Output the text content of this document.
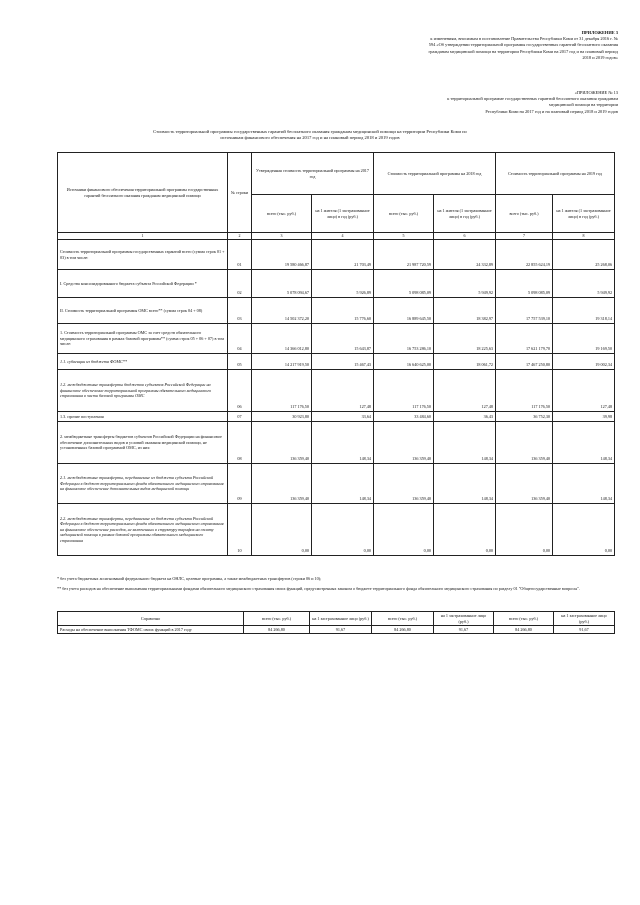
ПРИЛОЖЕНИЕ 3
к изменениям, вносимым в постановление Правительства Республики Коми от 31 декабря 2016 г. №
594 «Об утверждении территориальной программы государственных гарантий бесплатного оказания
гражданам медицинской помощи на территории Республики Коми на 2017 год и на плановый период
2018 и 2019 годов»
«ПРИЛОЖЕНИЕ № 13
к территориальной программе государственных гарантий бесплатного оказания гражданам
медицинской помощи на территории
Республики Коми на 2017 год и на плановый период 2018 и 2019 годов
Стоимость территориальной программы государственных гарантий бесплатного оказания гражданам медицинской помощи на территории Республики Коми по
источникам финансового обеспечения на 2017 год и на плановый период 2018 и 2019 годов
Источники финансового обеспечения территориальной программы государственных гарантий бесплатного оказания гражданам медицинской помощи	№ строки	Утвержденная стоимость территориальной программы на 2017 год		Стоимость территориальной программы на 2018 год		Стоимость территориальной программы на 2019 год	
		всего (тыс. руб.)	на 1 жителя (1 застрахованное лицо) в год (руб.)	всего (тыс. руб.)	на 1 жителя (1 застрахованное лицо) в год (руб.)	всего (тыс. руб.)	на 1 жителя (1 застрахованное лицо) в год (руб.)
1	2	3	4	5	6	7	8
Стоимость территориальной программы государственных гарантий всего (сумма строк 01 + 03) в том числе:	01	19 580 466,87	21 703,49	21 987 720,59	24 332,89	22 855 624,19	25 268,06
I. Средства консолидированного бюджета субъекта Российской Федерации *	02	5 078 094,67	5 926,89	5 098 085,09	5 949,92	5 098 085,09	5 949,92
II. Стоимость территориальной программы ОМС всего** (сумма строк 04 + 08)	03	14 502 372,20	15 776,60	16 889 645,50	18 382,97	17 757 539,10	19 318,14
1. Стоимость территориальной программы ОМС за счет средств обязательного медицинского страхования в рамках базовой программы** (сумма строк 05 + 06 + 07) в том числе:	04	14 366 012,80	15 643,87	16 753 286,10	18 225,63	17 621 179,70	19 169,50
1.1. субвенции из бюджета ФОМС**	05	14 217 919,50	15 467,43	16 640 625,00	18 061,72	17 467 250,80	19 002,34
1.2. межбюджетные трансферты бюджетов субъектов Российской Федерации на финансовое обеспечение территориальной программы обязательного медицинского страхования в части базовой программы ОМС	06	117 176,50	127,48	117 176,50	127,48	117 176,50	127,48
1.3. прочие поступления	07	30 923,80	33,64	33 484,60	36,43	36 752,30	39,98
2. межбюджетные трансферты бюджетов субъектов Российской Федерации на финансовое обеспечение дополнительных видов и условий оказания медицинской помощи, не установленных базовой программой ОМС, из них:	08	136 359,40	148,34	136 359,40	148,34	136 359,40	148,34
2.1. межбюджетные трансферты, передаваемые из бюджета субъекта Российской Федерации в бюджет территориального фонда обязательного медицинского страхования на финансовое обеспечение дополнительных видов медицинской помощи	09	136 359,40	148,34	136 359,40	148,34	136 359,40	148,34
2.2. межбюджетные трансферты, передаваемые из бюджета субъекта Российской Федерации в бюджет территориального фонда обязательного медицинского страхования на финансовое обеспечение расходов, не включенных в структуру тарифов на оплату медицинской помощи в рамках базовой программы обязательного медицинского страхования	10	0,00	0,00	0,00	0,00	0,00	0,00
* без учета бюджетных ассигнований федерального бюджета на ОНЛС, целевые программы, а также межбюджетных трансфертов (строки 06 и 10);
** без учета расходов на обеспечение выполнения территориальными фондами обязательного медицинского страхования своих функций, предусмотренных законом о бюджете территориального фонда обязательного медицинского страхования по разделу 01 "Общегосударственные вопросы".
Справочно	всего (тыс. руб.)	на 1 застрахованное лицо (руб.)	всего (тыс. руб.)	на 1 застрахованное лицо (руб.)	всего (тыс. руб.)	на 1 застрахованное лицо (руб.)
Расходы на обеспечение выполнения ТФОМС своих функций в 2017 году	84 266,80	91,67	84 266,80	91,67	84 266,80	91,67
